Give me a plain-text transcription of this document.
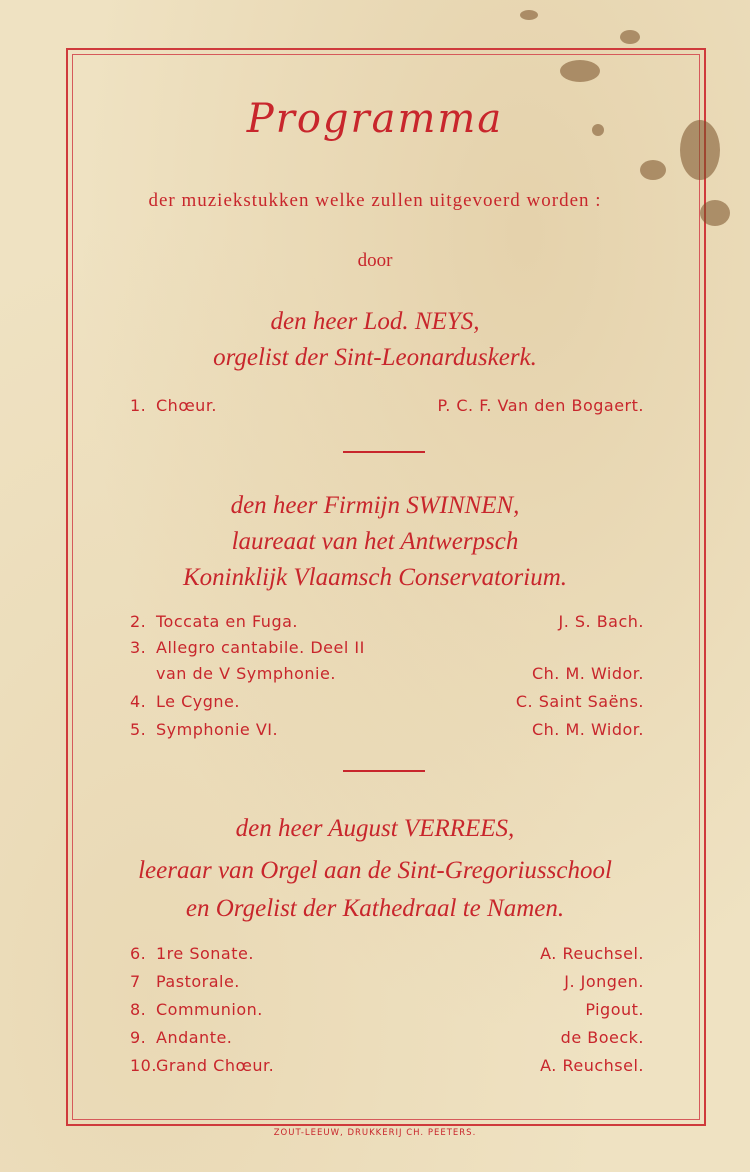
Programma
der muziekstukken welke zullen uitgevoerd worden :
door
den heer Lod. NEYS,
orgelist der Sint-Leonarduskerk.
1. Chœur.	P. C. F. Van den Bogaert.
den heer Firmijn SWINNEN,
laureaat van het Antwerpsch
Koninklijk Vlaamsch Conservatorium.
2. Toccata en Fuga.	J. S. Bach.
3. Allegro cantabile. Deel II
van de V Symphonie.	Ch. M. Widor.
4. Le Cygne.	C. Saint Saëns.
5. Symphonie VI.	Ch. M. Widor.
den heer August VERREES,
leeraar van Orgel aan de Sint-Gregoriusschool
en Orgelist der Kathedraal te Namen.
6. 1re Sonate.	A. Reuchsel.
7 Pastorale.	J. Jongen.
8. Communion.	Pigout.
9. Andante.	de Boeck.
10. Grand Chœur.	A. Reuchsel.
ZOUT-LEEUW, DRUKKERIJ CH. PEETERS.
